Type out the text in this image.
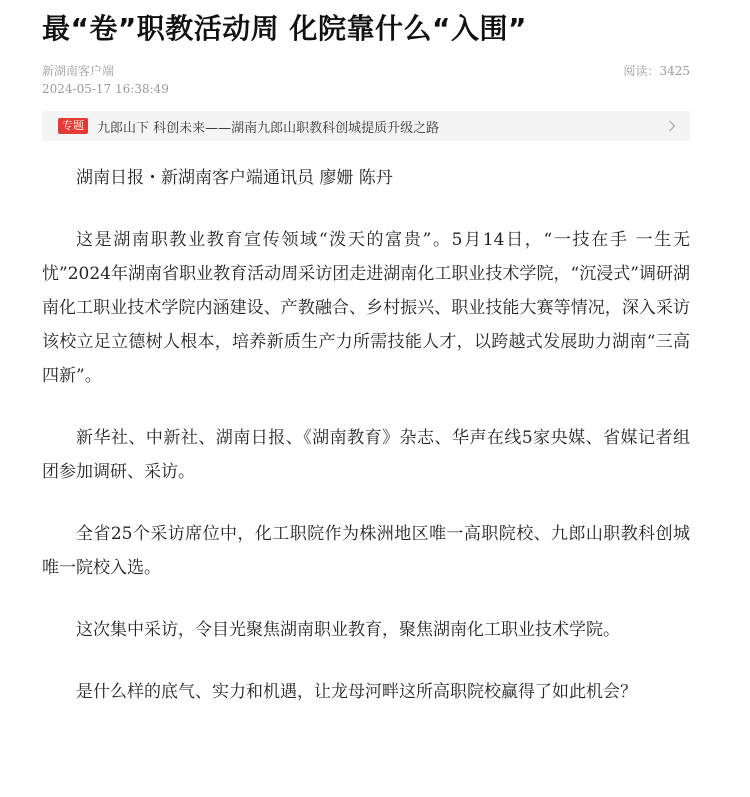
最“卷”职教活动周 化院靠什么“入围”
新湖南客户端
2024-05-17 16:38:49
阅读：3425
专题	九郎山下 科创未来——湖南九郎山职教科创城提质升级之路

湖南日报・新湖南客户端通讯员 廖姗 陈丹

这是湖南职教业教育宣传领域“泼天的富贵”。5月14日，“一技在手 一生无忧”2024年湖南省职业教育活动周采访团走进湖南化工职业技术学院，“沉浸式”调研湖南化工职业技术学院内涵建设、产教融合、乡村振兴、职业技能大赛等情况，深入采访该校立足立德树人根本，培养新质生产力所需技能人才，以跨越式发展助力湖南“三高四新”。

新华社、中新社、湖南日报、《湖南教育》杂志、华声在线5家央媒、省媒记者组团参加调研、采访。

全省25个采访席位中，化工职院作为株洲地区唯一高职院校、九郎山职教科创城唯一院校入选。

这次集中采访，令目光聚焦湖南职业教育，聚焦湖南化工职业技术学院。

是什么样的底气、实力和机遇，让龙母河畔这所高职院校赢得了如此机会？
